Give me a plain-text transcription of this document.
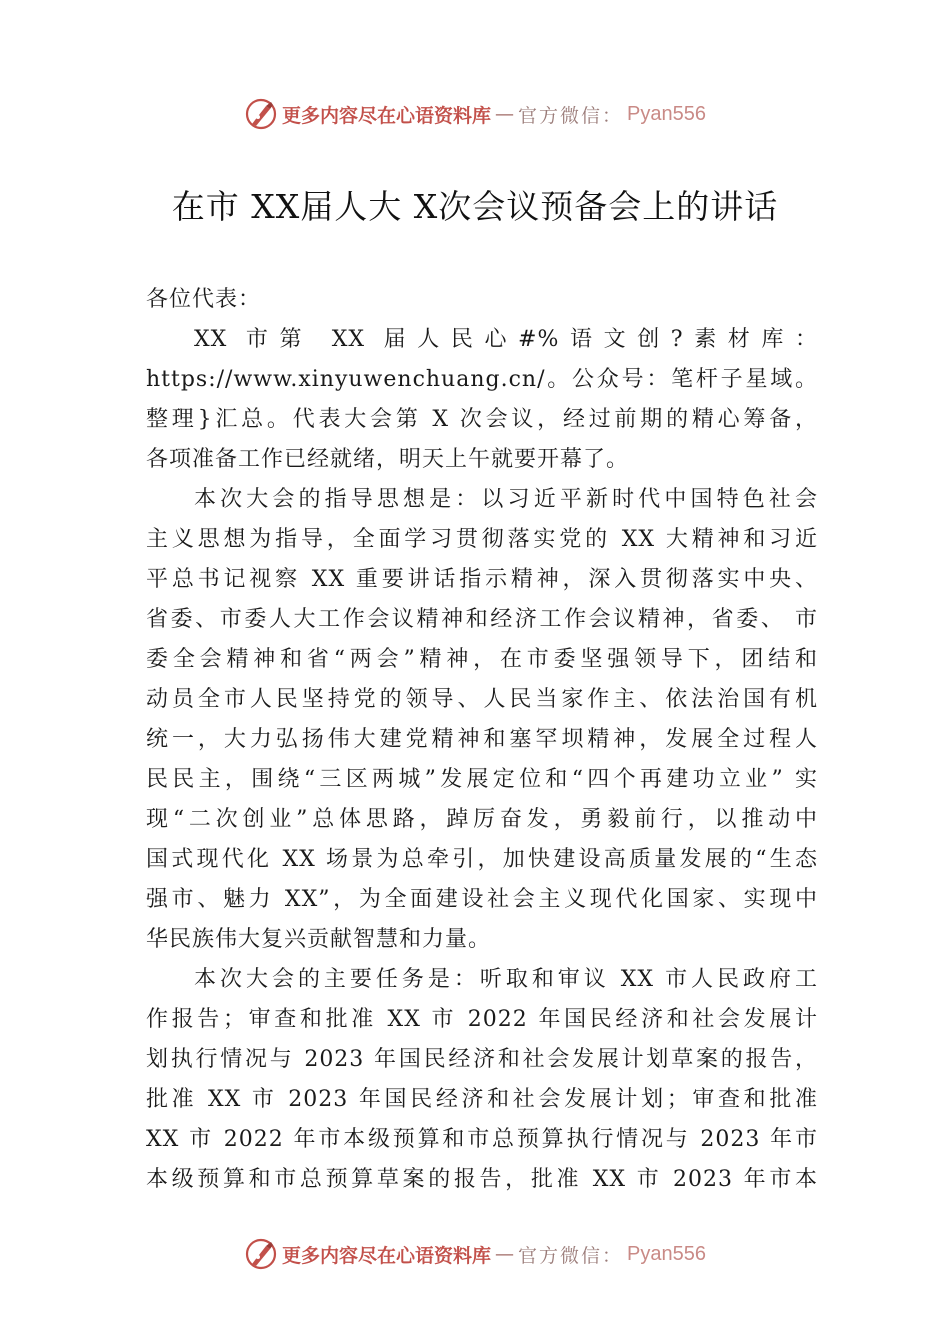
更多内容尽在心语资料库 — 官方微信： Pyan556
在市 XX届人大 X次会议预备会上的讲话
各位代表：
XX 市第 XX 届人民心#%语文创?素材库：
https://www.xinyuwenchuang.cn/。公众号：笔杆子星域。
整理}汇总。代表大会第 X 次会议，经过前期的精心筹备，
各项准备工作已经就绪，明天上午就要开幕了。
本次大会的指导思想是：以习近平新时代中国特色社会
主义思想为指导，全面学习贯彻落实党的 XX 大精神和习近
平总书记视察 XX 重要讲话指示精神，深入贯彻落实中央、
省委、市委人大工作会议精神和经济工作会议精神，省委、 市
委全会精神和省“两会”精神，在市委坚强领导下，团结和
动员全市人民坚持党的领导、人民当家作主、依法治国有机
统一，大力弘扬伟大建党精神和塞罕坝精神，发展全过程人
民民主，围绕“三区两城”发展定位和“四个再建功立业” 实
现“二次创业”总体思路，踔厉奋发，勇毅前行，以推动中
国式现代化 XX 场景为总牵引，加快建设高质量发展的“生态
强市、魅力 XX”，为全面建设社会主义现代化国家、实现中
华民族伟大复兴贡献智慧和力量。
本次大会的主要任务是：听取和审议 XX 市人民政府工
作报告；审查和批准 XX 市 2022 年国民经济和社会发展计
划执行情况与 2023 年国民经济和社会发展计划草案的报告，
批准 XX 市 2023 年国民经济和社会发展计划；审查和批准
XX 市 2022 年市本级预算和市总预算执行情况与 2023 年市
本级预算和市总预算草案的报告，批准 XX 市 2023 年市本
更多内容尽在心语资料库 — 官方微信： Pyan556
